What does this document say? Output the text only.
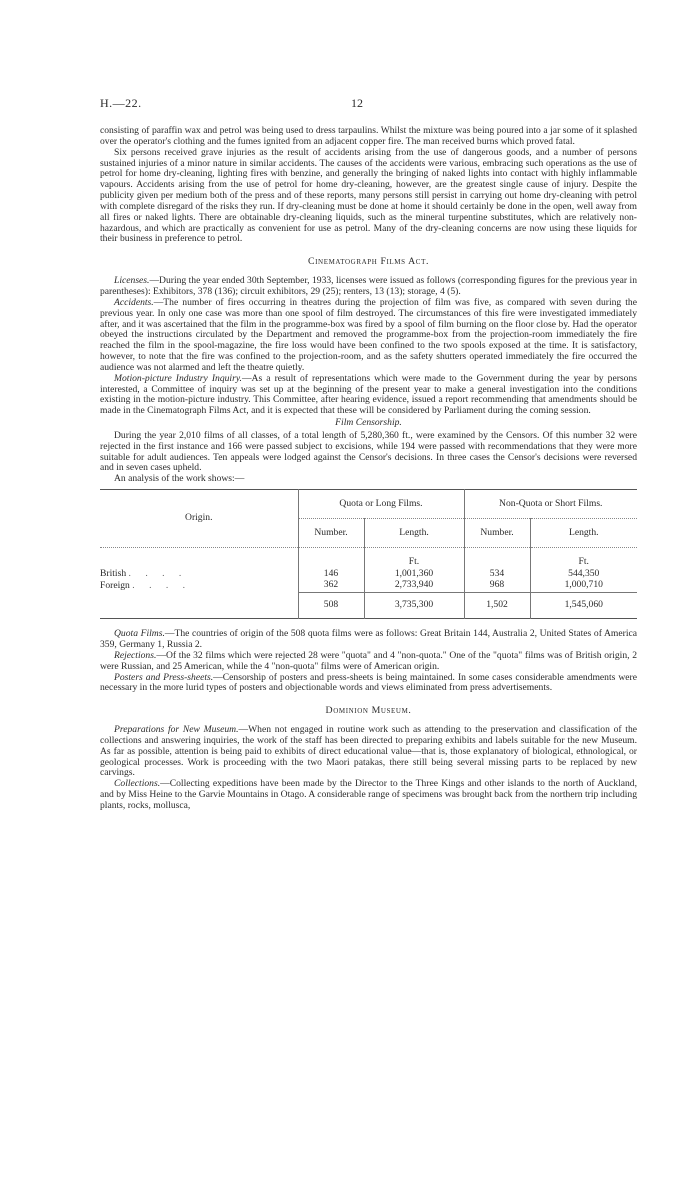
H.—22.	12

consisting of paraffin wax and petrol was being used to dress tarpaulins. Whilst the mixture was being poured into a jar some of it splashed over the operator's clothing and the fumes ignited from an adjacent copper fire. The man received burns which proved fatal.

Six persons received grave injuries as the result of accidents arising from the use of dangerous goods, and a number of persons sustained injuries of a minor nature in similar accidents. The causes of the accidents were various, embracing such operations as the use of petrol for home dry-cleaning, lighting fires with benzine, and generally the bringing of naked lights into contact with highly inflammable vapours. Accidents arising from the use of petrol for home dry-cleaning, however, are the greatest single cause of injury. Despite the publicity given per medium both of the press and of these reports, many persons still persist in carrying out home dry-cleaning with petrol with complete disregard of the risks they run. If dry-cleaning must be done at home it should certainly be done in the open, well away from all fires or naked lights. There are obtainable dry-cleaning liquids, such as the mineral turpentine substitutes, which are relatively non-hazardous, and which are practically as convenient for use as petrol. Many of the dry-cleaning concerns are now using these liquids for their business in preference to petrol.

Cinematograph Films Act.

Licenses.—During the year ended 30th September, 1933, licenses were issued as follows (corresponding figures for the previous year in parentheses): Exhibitors, 378 (136); circuit exhibitors, 29 (25); renters, 13 (13); storage, 4 (5).

Accidents.—The number of fires occurring in theatres during the projection of film was five, as compared with seven during the previous year. In only one case was more than one spool of film destroyed. The circumstances of this fire were investigated immediately after, and it was ascertained that the film in the programme-box was fired by a spool of film burning on the floor close by. Had the operator obeyed the instructions circulated by the Department and removed the programme-box from the projection-room immediately the fire reached the film in the spool-magazine, the fire loss would have been confined to the two spools exposed at the time. It is satisfactory, however, to note that the fire was confined to the projection-room, and as the safety shutters operated immediately the fire occurred the audience was not alarmed and left the theatre quietly.

Motion-picture Industry Inquiry.—As a result of representations which were made to the Government during the year by persons interested, a Committee of inquiry was set up at the beginning of the present year to make a general investigation into the conditions existing in the motion-picture industry. This Committee, after hearing evidence, issued a report recommending that amendments should be made in the Cinematograph Films Act, and it is expected that these will be considered by Parliament during the coming session.

Film Censorship.

During the year 2,010 films of all classes, of a total length of 5,280,360 ft., were examined by the Censors. Of this number 32 were rejected in the first instance and 166 were passed subject to excisions, while 194 were passed with recommendations that they were more suitable for adult audiences. Ten appeals were lodged against the Censor's decisions. In three cases the Censor's decisions were reversed and in seven cases upheld.

An analysis of the work shows:—

Origin.	Quota or Long Films.		Non-Quota or Short Films.	
	Number.	Length.	Number.	Length.
		Ft.		Ft.
British . . . .	146	1,001,360	534	544,350
Foreign . . . .	362	2,733,940	968	1,000,710
	508	3,735,300	1,502	1,545,060

Quota Films.—The countries of origin of the 508 quota films were as follows: Great Britain 144, Australia 2, United States of America 359, Germany 1, Russia 2.

Rejections.—Of the 32 films which were rejected 28 were "quota" and 4 "non-quota." One of the "quota" films was of British origin, 2 were Russian, and 25 American, while the 4 "non-quota" films were of American origin.

Posters and Press-sheets.—Censorship of posters and press-sheets is being maintained. In some cases considerable amendments were necessary in the more lurid types of posters and objectionable words and views eliminated from press advertisements.

Dominion Museum.

Preparations for New Museum.—When not engaged in routine work such as attending to the preservation and classification of the collections and answering inquiries, the work of the staff has been directed to preparing exhibits and labels suitable for the new Museum. As far as possible, attention is being paid to exhibits of direct educational value—that is, those explanatory of biological, ethnological, or geological processes. Work is proceeding with the two Maori patakas, there still being several missing parts to be replaced by new carvings.

Collections.—Collecting expeditions have been made by the Director to the Three Kings and other islands to the north of Auckland, and by Miss Heine to the Garvie Mountains in Otago. A considerable range of specimens was brought back from the northern trip including plants, rocks, mollusca,
